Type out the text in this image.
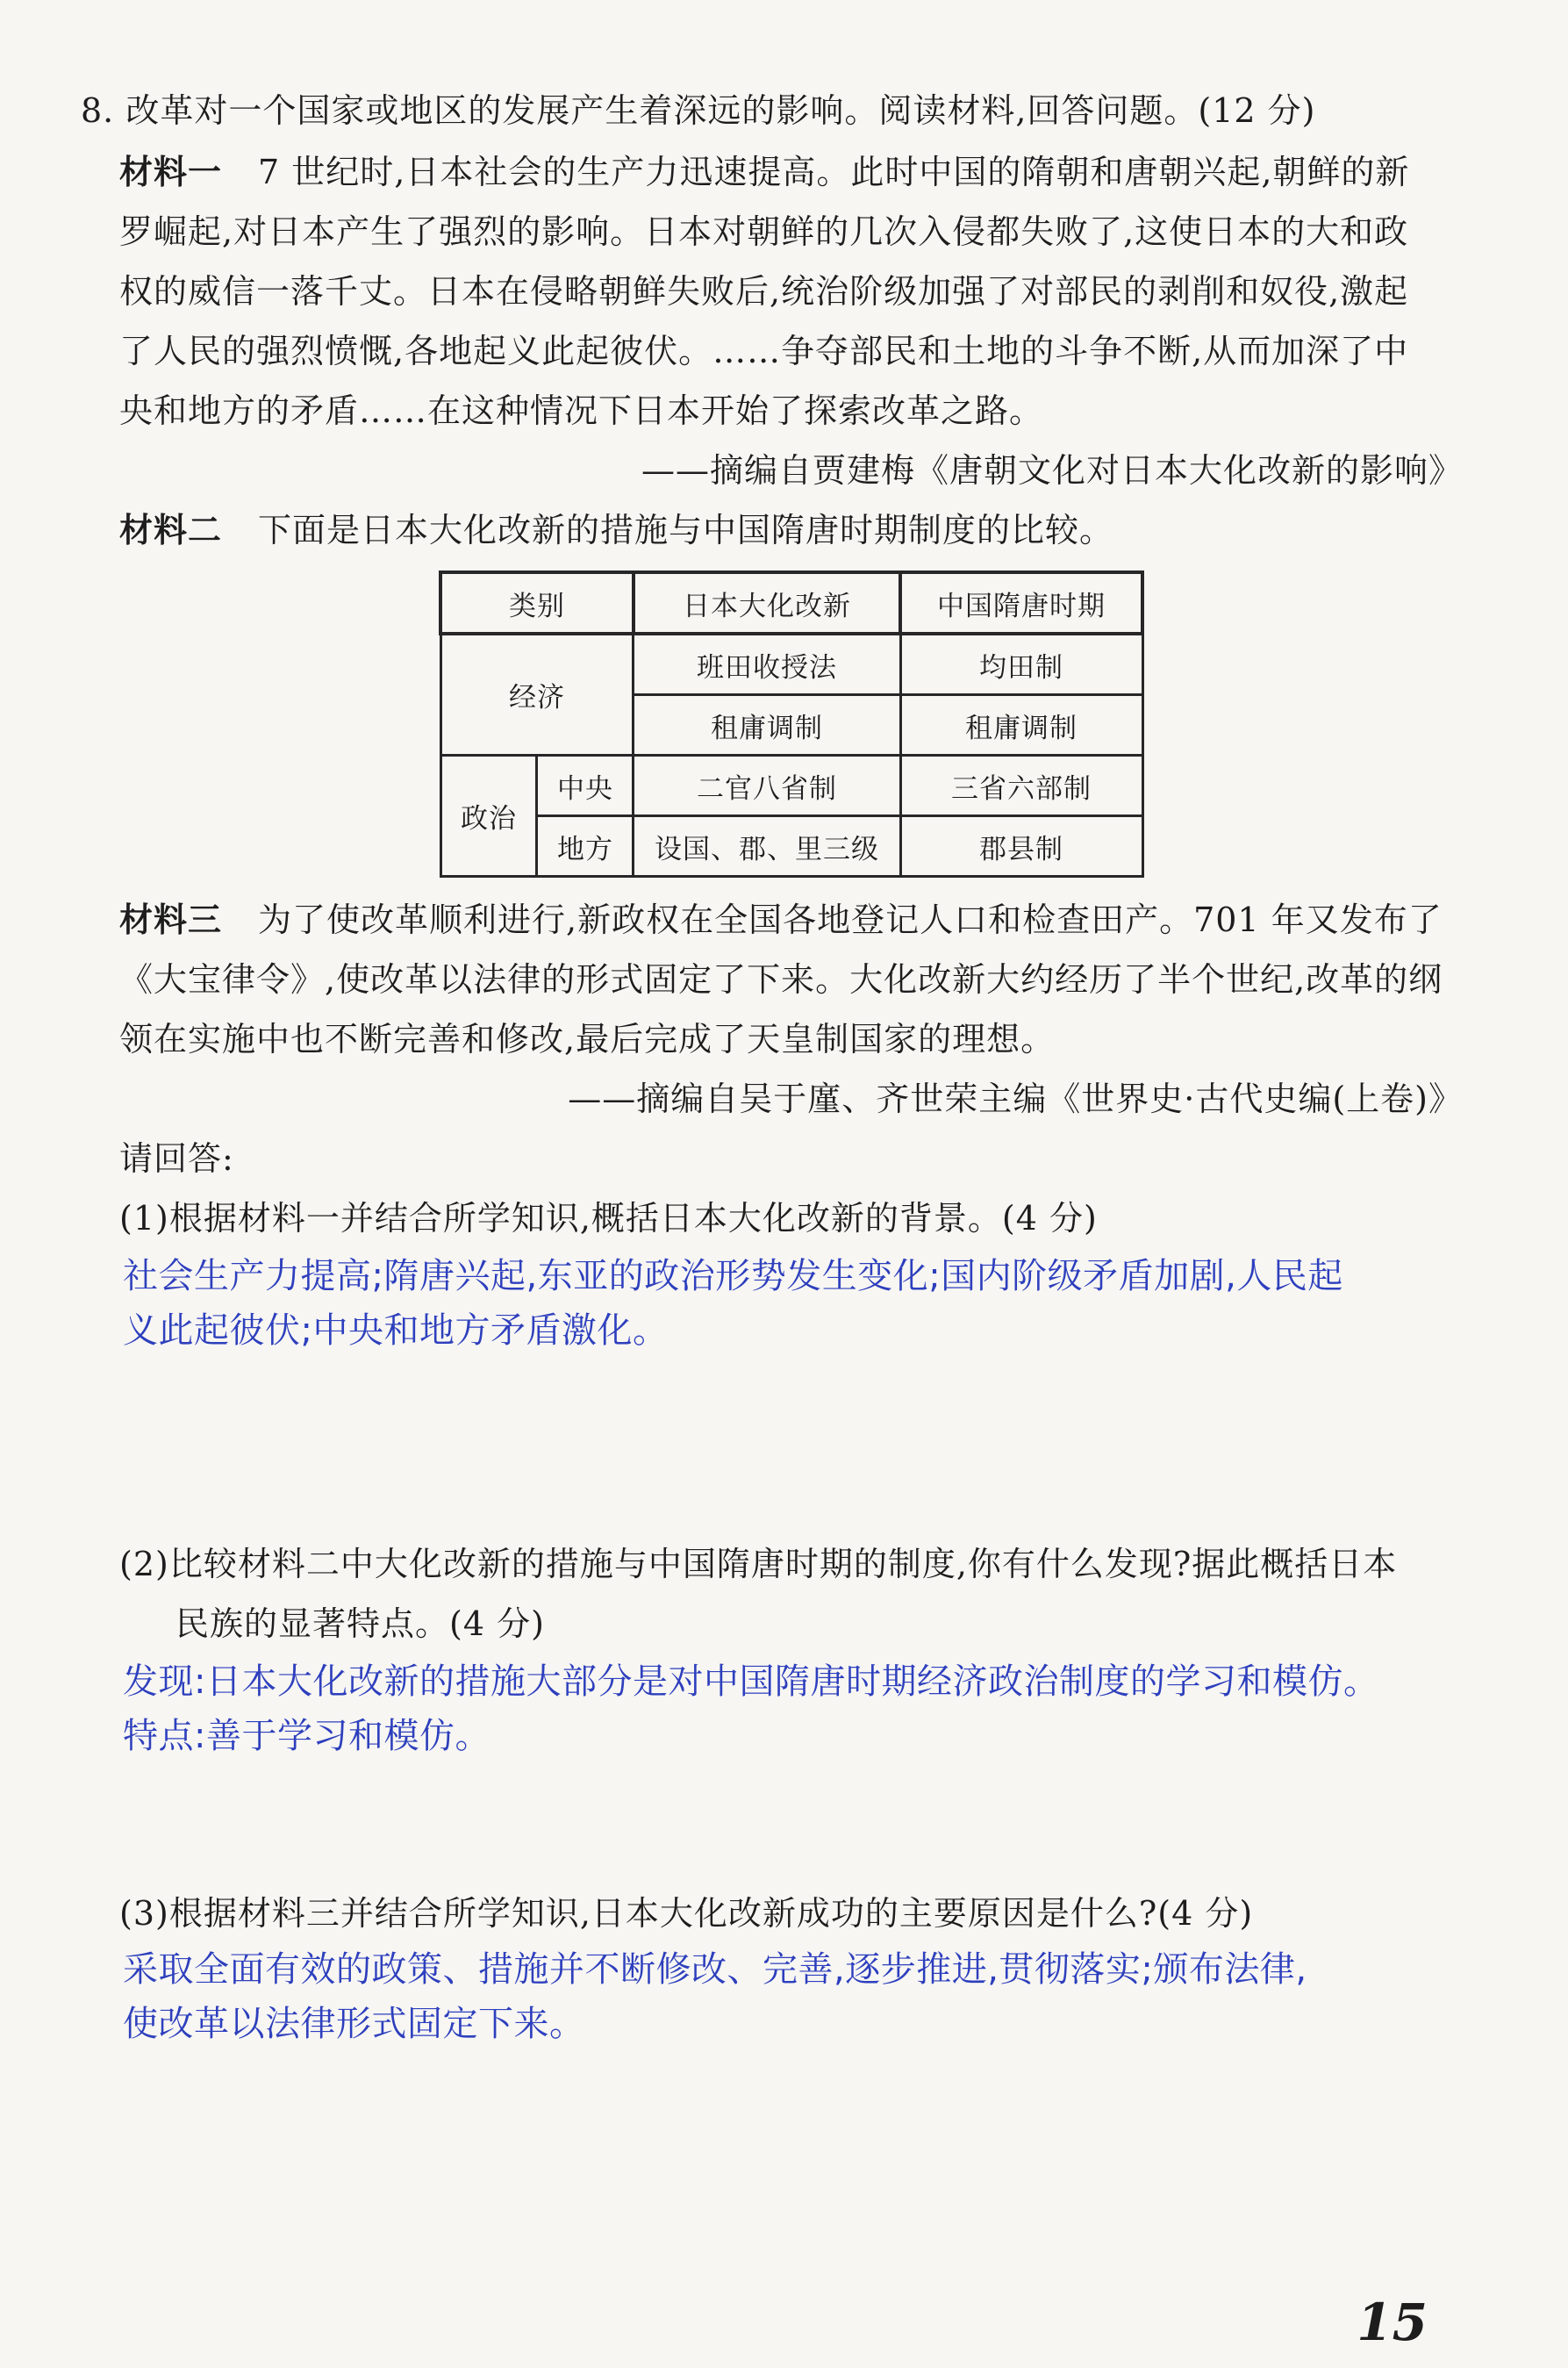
8. 改革对一个国家或地区的发展产生着深远的影响。阅读材料,回答问题。(12 分)
材料一 7 世纪时,日本社会的生产力迅速提高。此时中国的隋朝和唐朝兴起,朝鲜的新
罗崛起,对日本产生了强烈的影响。日本对朝鲜的几次入侵都失败了,这使日本的大和政
权的威信一落千丈。日本在侵略朝鲜失败后,统治阶级加强了对部民的剥削和奴役,激起
了人民的强烈愤慨,各地起义此起彼伏。……争夺部民和土地的斗争不断,从而加深了中
央和地方的矛盾……在这种情况下日本开始了探索改革之路。
——摘编自贾建梅《唐朝文化对日本大化改新的影响》
材料二 下面是日本大化改新的措施与中国隋唐时期制度的比较。
类别		日本大化改新	中国隋唐时期
经济		班田收授法	均田制
		租庸调制	租庸调制
政治	中央	二官八省制	三省六部制
	地方	设国、郡、里三级	郡县制
材料三 为了使改革顺利进行,新政权在全国各地登记人口和检查田产。701 年又发布了
《大宝律令》,使改革以法律的形式固定了下来。大化改新大约经历了半个世纪,改革的纲
领在实施中也不断完善和修改,最后完成了天皇制国家的理想。
——摘编自吴于廑、齐世荣主编《世界史·古代史编(上卷)》
请回答:
(1)根据材料一并结合所学知识,概括日本大化改新的背景。(4 分)
社会生产力提高;隋唐兴起,东亚的政治形势发生变化;国内阶级矛盾加剧,人民起
义此起彼伏;中央和地方矛盾激化。
(2)比较材料二中大化改新的措施与中国隋唐时期的制度,你有什么发现?据此概括日本
民族的显著特点。(4 分)
发现:日本大化改新的措施大部分是对中国隋唐时期经济政治制度的学习和模仿。
特点:善于学习和模仿。
(3)根据材料三并结合所学知识,日本大化改新成功的主要原因是什么?(4 分)
采取全面有效的政策、措施并不断修改、完善,逐步推进,贯彻落实;颁布法律,
使改革以法律形式固定下来。
15
